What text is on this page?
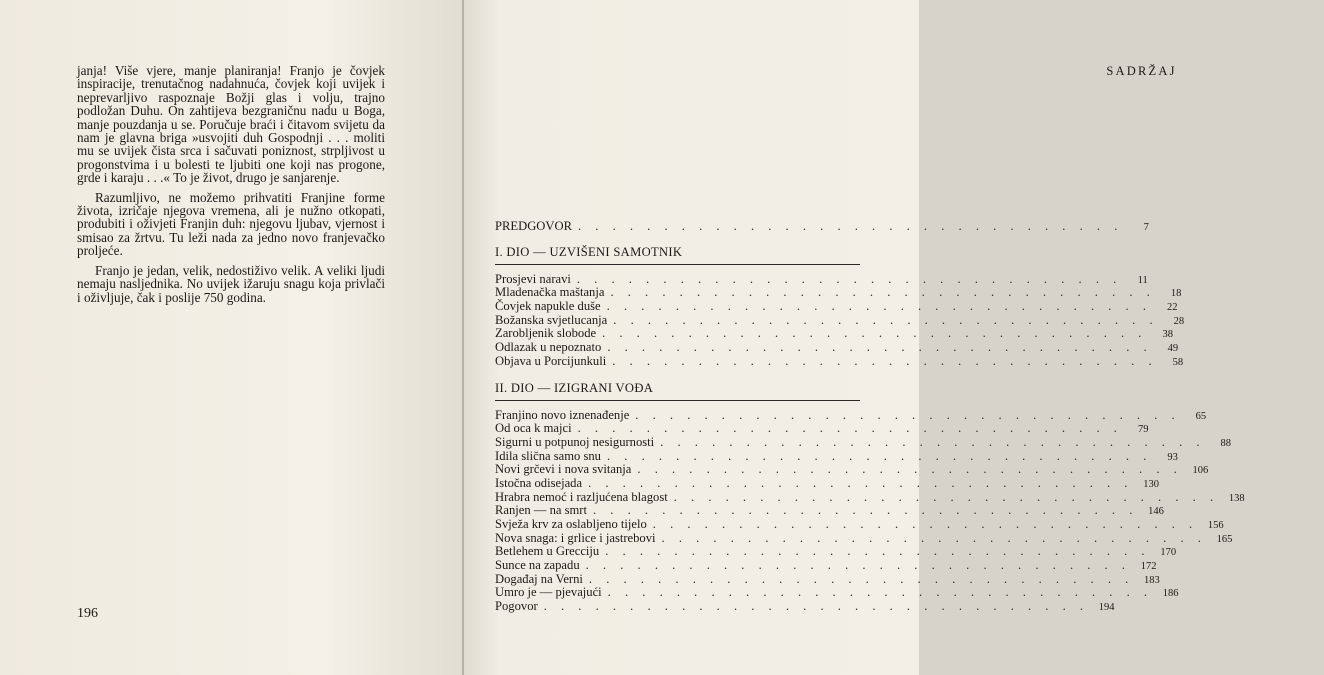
janja! Više vjere, manje planiranja! Franjo je čovjek inspiracije, trenutačnog nadahnuća, čovjek koji uvijek i neprevarljivo raspoznaje Božji glas i volju, trajno podložan Duhu. On zahtijeva bezgraničnu nadu u Boga, manje pouzdanja u se. Poručuje braći i čitavom svijetu da nam je glavna briga »usvojiti duh Gospodnji . . . moliti mu se uvijek čista srca i sačuvati poniznost, strpljivost u progonstvima i u bolesti te ljubiti one koji nas progone, grde i karaju . . .« To je život, drugo je sanjarenje.

Razumljivo, ne možemo prihvatiti Franjine forme života, izričaje njegova vremena, ali je nužno otkopati, produbiti i oživjeti Franjin duh: njegovu ljubav, vjernost i smisao za žrtvu. Tu leži nada za jedno novo franjevačko proljeće.

Franjo je jedan, velik, nedostiživo velik. A veliki ljudi nemaju nasljednika. No uvijek ižaruju snagu koja privlači i oživljuje, čak i poslije 750 godina.

196
SADRŽAJ
PREDGOVOR . . . . . . . . . . . . . . . . . . . . . . . . . . . . . . . .	7
I. DIO — UZVIŠENI SAMOTNIK
Prosjevi naravi . . . . . . . . . . . . . . . . . . . . . . . . . . . . . . . .	11
Mladenačka maštanja . . . . . . . . . . . . . . . . . . . . . . . . . . . . . . . .	18
Čovjek napukle duše . . . . . . . . . . . . . . . . . . . . . . . . . . . . . . . .	22
Božanska svjetlucanja . . . . . . . . . . . . . . . . . . . . . . . . . . . . . . . .	28
Zarobljenik slobode . . . . . . . . . . . . . . . . . . . . . . . . . . . . . . . .	38
Odlazak u nepoznato . . . . . . . . . . . . . . . . . . . . . . . . . . . . . . . .	49
Objava u Porcijunkuli . . . . . . . . . . . . . . . . . . . . . . . . . . . . . . . .	58
II. DIO — IZIGRANI VOĐA
Franjino novo iznenađenje . . . . . . . . . . . . . . . . . . . . . . . . . . . . . . . .	65
Od oca k majci . . . . . . . . . . . . . . . . . . . . . . . . . . . . . . . .	79
Sigurni u potpunoj nesigurnosti . . . . . . . . . . . . . . . . . . . . . . . . . . . . . . . .	88
Idila slična samo snu . . . . . . . . . . . . . . . . . . . . . . . . . . . . . . . .	93
Novi grčevi i nova svitanja . . . . . . . . . . . . . . . . . . . . . . . . . . . . . . . . 106
Istočna odisejada . . . . . . . . . . . . . . . . . . . . . . . . . . . . . . . . 130
Hrabra nemoć i razljućena blagost . . . . . . . . . . . . . . . . . . . . . . . . . . . . . . . . 138
Ranjen — na smrt . . . . . . . . . . . . . . . . . . . . . . . . . . . . . . . . 146
Svježa krv za oslabljeno tijelo . . . . . . . . . . . . . . . . . . . . . . . . . . . . . . . . 156
Nova snaga: i grlice i jastrebovi . . . . . . . . . . . . . . . . . . . . . . . . . . . . . . . . 165
Betlehem u Grecciju . . . . . . . . . . . . . . . . . . . . . . . . . . . . . . . . 170
Sunce na zapadu . . . . . . . . . . . . . . . . . . . . . . . . . . . . . . . . 172
Događaj na Verni . . . . . . . . . . . . . . . . . . . . . . . . . . . . . . . . 183
Umro je — pjevajući . . . . . . . . . . . . . . . . . . . . . . . . . . . . . . . . 186
Pogovor . . . . . . . . . . . . . . . . . . . . . . . . . . . . . . . . 194
